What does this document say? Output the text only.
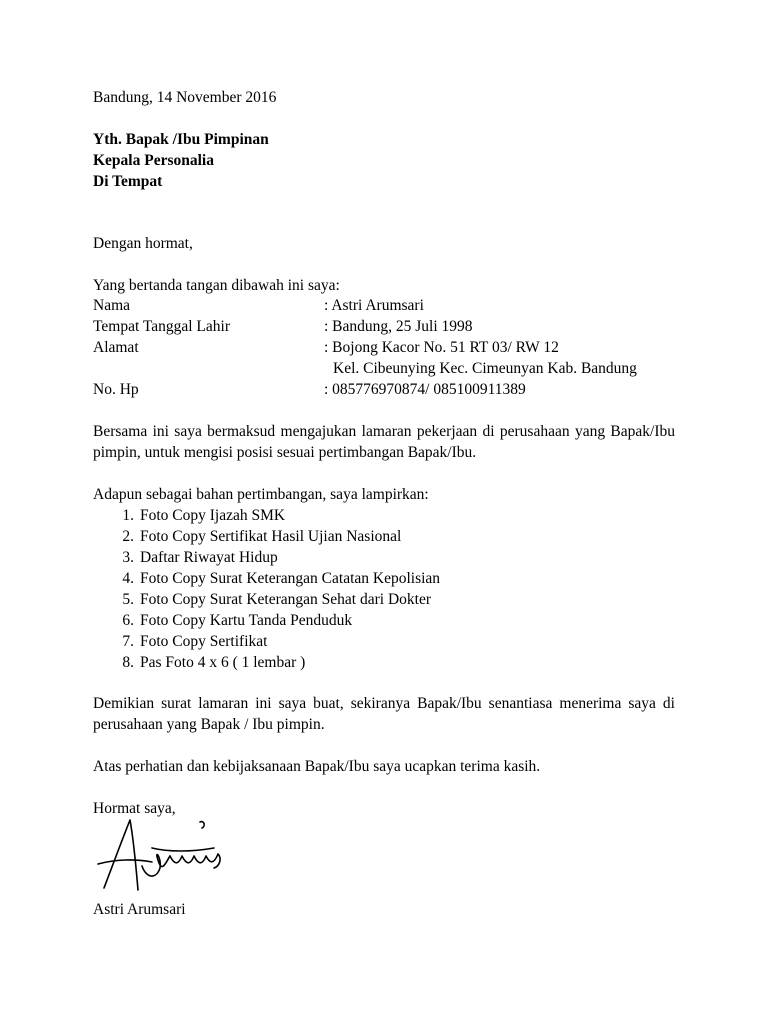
Bandung, 14 November 2016
Yth. Bapak /Ibu Pimpinan
Kepala Personalia
Di Tempat
Dengan hormat,
Yang bertanda tangan dibawah ini saya:
Nama	: Astri Arumsari
Tempat Tanggal Lahir	: Bandung, 25 Juli 1998
Alamat	: Bojong Kacor No. 51 RT 03/ RW 12
Kel. Cibeunying Kec. Cimeunyan Kab. Bandung
No. Hp	: 085776970874/ 085100911389
Bersama ini saya bermaksud mengajukan lamaran pekerjaan di perusahaan yang Bapak/Ibu pimpin, untuk mengisi posisi sesuai pertimbangan Bapak/Ibu.
Adapun sebagai bahan pertimbangan, saya lampirkan:
1. Foto Copy Ijazah SMK
2. Foto Copy Sertifikat Hasil Ujian Nasional
3. Daftar Riwayat Hidup
4. Foto Copy Surat Keterangan Catatan Kepolisian
5. Foto Copy Surat Keterangan Sehat dari Dokter
6. Foto Copy Kartu Tanda Penduduk
7. Foto Copy Sertifikat
8. Pas Foto 4 x 6 ( 1 lembar )
Demikian surat lamaran ini saya buat, sekiranya Bapak/Ibu senantiasa menerima saya di perusahaan yang Bapak / Ibu pimpin.
Atas perhatian dan kebijaksanaan Bapak/Ibu saya ucapkan terima kasih.
Hormat saya,
Astri Arumsari
